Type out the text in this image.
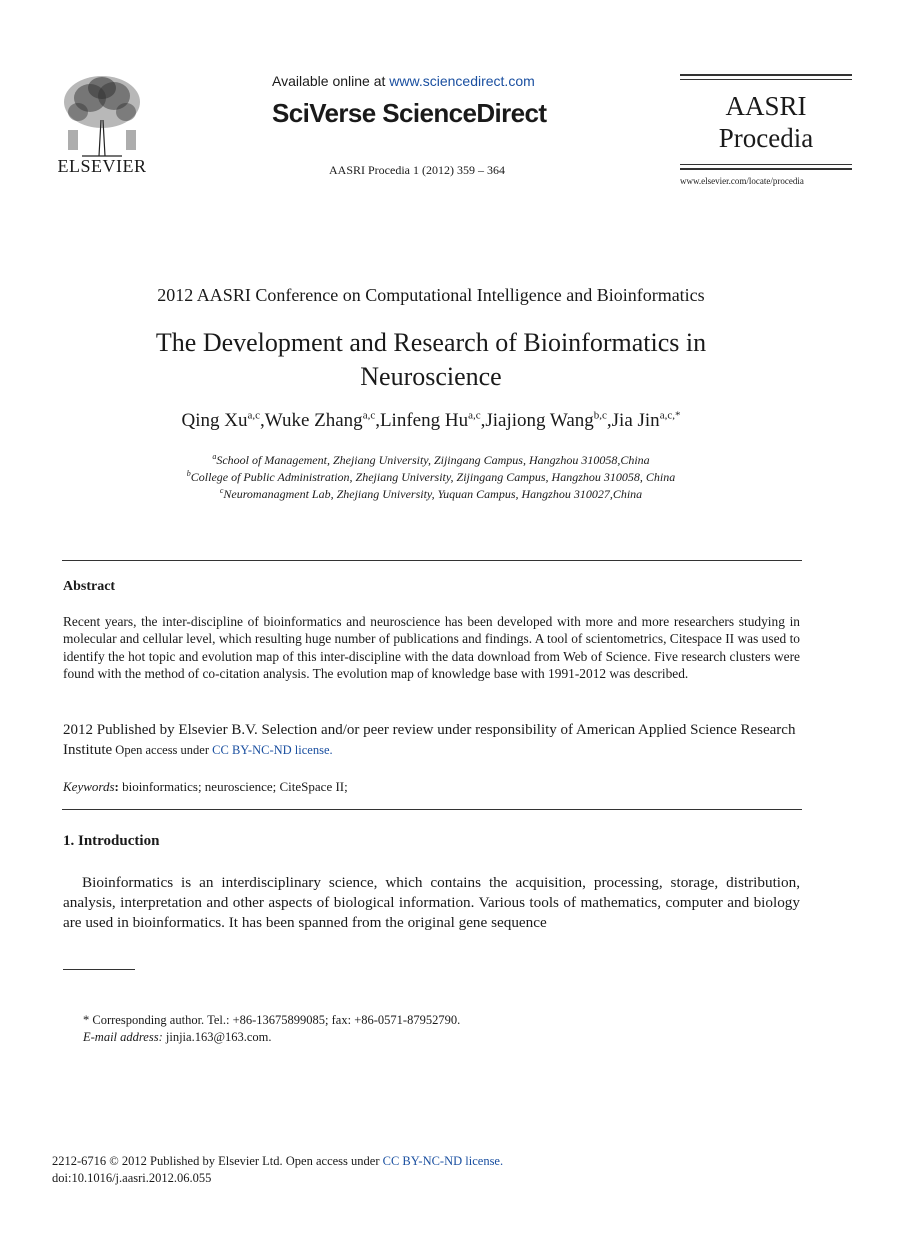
ELSEVIER
Available online at www.sciencedirect.com
SciVerse ScienceDirect
AASRI Procedia 1 (2012) 359 – 364
AASRI
Procedia
www.elsevier.com/locate/procedia
2012 AASRI Conference on Computational Intelligence and Bioinformatics
The Development and Research of Bioinformatics in
Neuroscience
Qing Xu$^{a,c}$,Wuke Zhang$^{a,c}$,Linfeng Hu$^{a,c}$,Jiajiong Wang$^{b,c}$,Jia Jin$^{a,c,*}$
$^a$School of Management, Zhejiang University, Zijingang Campus, Hangzhou 310058,China
$^b$College of Public Administration, Zhejiang University, Zijingang Campus, Hangzhou 310058, China
$^c$Neuromanagment Lab, Zhejiang University, Yuquan Campus, Hangzhou 310027,China
Abstract
Recent years, the inter-discipline of bioinformatics and neuroscience has been developed with more and more researchers studying in molecular and cellular level, which resulting huge number of publications and findings. A tool of scientometrics, Citespace II was used to identify the hot topic and evolution map of this inter-discipline with the data download from Web of Science. Five research clusters were found with the method of co-citation analysis. The evolution map of knowledge base with 1991-2012 was described.
2012 Published by Elsevier B.V. Selection and/or peer review under responsibility of American Applied Science Research Institute Open access under CC BY-NC-ND license.
Keywords: bioinformatics; neuroscience; CiteSpace II;
1. Introduction
Bioinformatics is an interdisciplinary science, which contains the acquisition, processing, storage, distribution, analysis, interpretation and other aspects of biological information. Various tools of mathematics, computer and biology are used in bioinformatics. It has been spanned from the original gene sequence
* Corresponding author. Tel.: +86-13675899085; fax: +86-0571-87952790.
E-mail address: jinjia.163@163.com.
2212-6716 © 2012 Published by Elsevier Ltd. Open access under CC BY-NC-ND license.
doi:10.1016/j.aasri.2012.06.055
